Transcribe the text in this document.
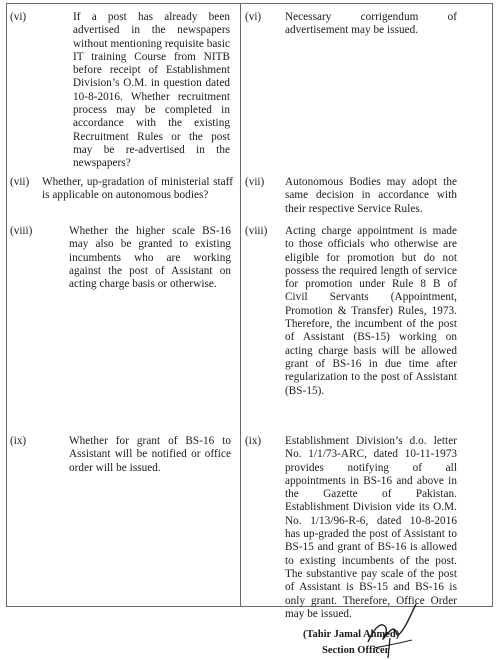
(vi)	If a post has already been advertised in the newspapers without mentioning requisite basic IT training Course from NITB before receipt of Establishment Division’s O.M. in question dated 10-8-2016. Whether recruitment process may be completed in accordance with the existing Recruitment Rules or the post may be re-advertised in the newspapers?
(vi) Necessary corrigendum of advertisement may be issued.
(vii) Whether, up-gradation of ministerial staff is applicable on autonomous bodies?
(vii) Autonomous Bodies may adopt the same decision in accordance with their respective Service Rules.
(viii)	Whether the higher scale BS-16 may also be granted to existing incumbents who are working against the post of Assistant on acting charge basis or otherwise.
(viii) Acting charge appointment is made to those officials who otherwise are eligible for promotion but do not possess the required length of service for promotion under Rule 8 B of Civil Servants (Appointment, Promotion & Transfer) Rules, 1973. Therefore, the incumbent of the post of Assistant (BS-15) working on acting charge basis will be allowed grant of BS-16 in due time after regularization to the post of Assistant (BS-15).
(ix)	Whether for grant of BS-16 to Assistant will be notified or office order will be issued.
(ix) Establishment Division’s d.o. letter No. 1/1/73-ARC, dated 10-11-1973 provides notifying of all appointments in BS-16 and above in the Gazette of Pakistan. Establishment Division vide its O.M. No. 1/13/96-R-6, dated 10-8-2016 has up-graded the post of Assistant to BS-15 and grant of BS-16 is allowed to existing incumbents of the post. The substantive pay scale of the post of Assistant is BS-15 and BS-16 is only grant. Therefore, Office Order may be issued.
(Tahir Jamal Ahmed)
Section Officer
